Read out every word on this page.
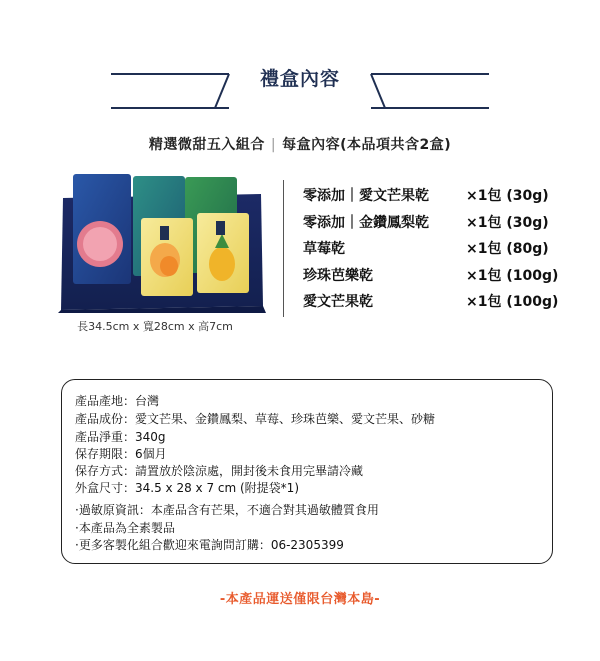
禮盒內容
精選微甜五入組合 | 每盒內容(本品項共含2盒)
長34.5cm x 寬28cm x 高7cm
零添加｜愛文芒果乾	×1包 (30g)
零添加｜金鑽鳳梨乾	×1包 (30g)
草莓乾	×1包 (80g)
珍珠芭樂乾	×1包 (100g)
愛文芒果乾	×1包 (100g)
產品產地：台灣
產品成份：愛文芒果、金鑽鳳梨、草莓、珍珠芭樂、愛文芒果、砂糖
產品淨重：340g
保存期限：6個月
保存方式：請置放於陰涼處，開封後未食用完畢請冷藏
外盒尺寸：34.5 x 28 x 7 cm (附提袋*1)
·過敏原資訊：本產品含有芒果，不適合對其過敏體質食用
·本產品為全素製品
·更多客製化組合歡迎來電詢問訂購：06-2305399
-本產品運送僅限台灣本島-
